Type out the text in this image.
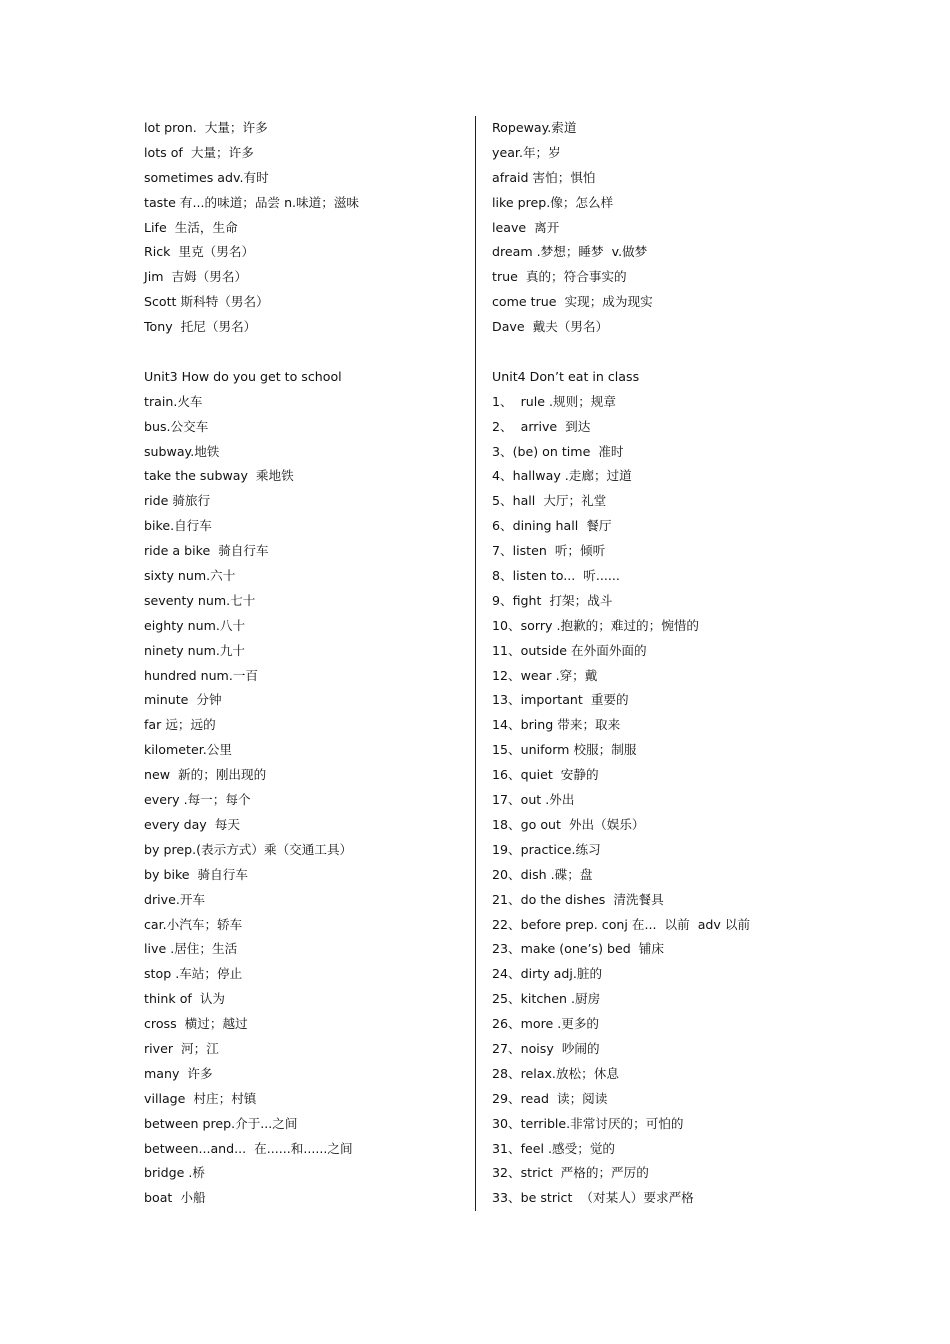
lot pron.  大量；许多
lots of  大量；许多
sometimes adv.有时
taste 有...的味道；品尝 n.味道；滋味
Life  生活，生命
Rick  里克（男名）
Jim  吉姆（男名）
Scott 斯科特（男名）
Tony  托尼（男名）
Unit3 How do you get to school
train.火车
bus.公交车
subway.地铁
take the subway  乘地铁
ride 骑旅行
bike.自行车
ride a bike  骑自行车
sixty num.六十
seventy num.七十
eighty num.八十
ninety num.九十
hundred num.一百
minute  分钟
far 远；远的
kilometer.公里
new  新的；刚出现的
every .每一；每个
every day  每天
by prep.(表示方式）乘（交通工具）
by bike  骑自行车
drive.开车
car.小汽车；轿车
live .居住；生活
stop .车站；停止
think of  认为
cross  横过；越过
river  河；江
many  许多
village  村庄；村镇
between prep.介于...之间
between...and...  在......和......之间
bridge .桥
boat  小船
Ropeway.索道
year.年；岁
afraid 害怕；惧怕
like prep.像；怎么样
leave  离开
dream .梦想；睡梦  v.做梦
true  真的；符合事实的
come true  实现；成为现实
Dave  戴夫（男名）
Unit4 Don’t eat in class
1、  rule .规则；规章
2、  arrive  到达
3、(be) on time  准时
4、hallway .走廊；过道
5、hall  大厅；礼堂
6、dining hall  餐厅
7、listen  听；倾听
8、listen to...  听......
9、fight  打架；战斗
10、sorry .抱歉的；难过的；惋惜的
11、outside 在外面外面的
12、wear .穿；戴
13、important  重要的
14、bring 带来；取来
15、uniform 校服；制服
16、quiet  安静的
17、out .外出
18、go out  外出（娱乐）
19、practice.练习
20、dish .碟；盘
21、do the dishes  清洗餐具
22、before prep. conj 在...  以前  adv 以前
23、make (one’s) bed  铺床
24、dirty adj.脏的
25、kitchen .厨房
26、more .更多的
27、noisy  吵闹的
28、relax.放松；休息
29、read  读；阅读
30、terrible.非常讨厌的；可怕的
31、feel .感受；觉的
32、strict  严格的；严厉的
33、be strict  （对某人）要求严格
